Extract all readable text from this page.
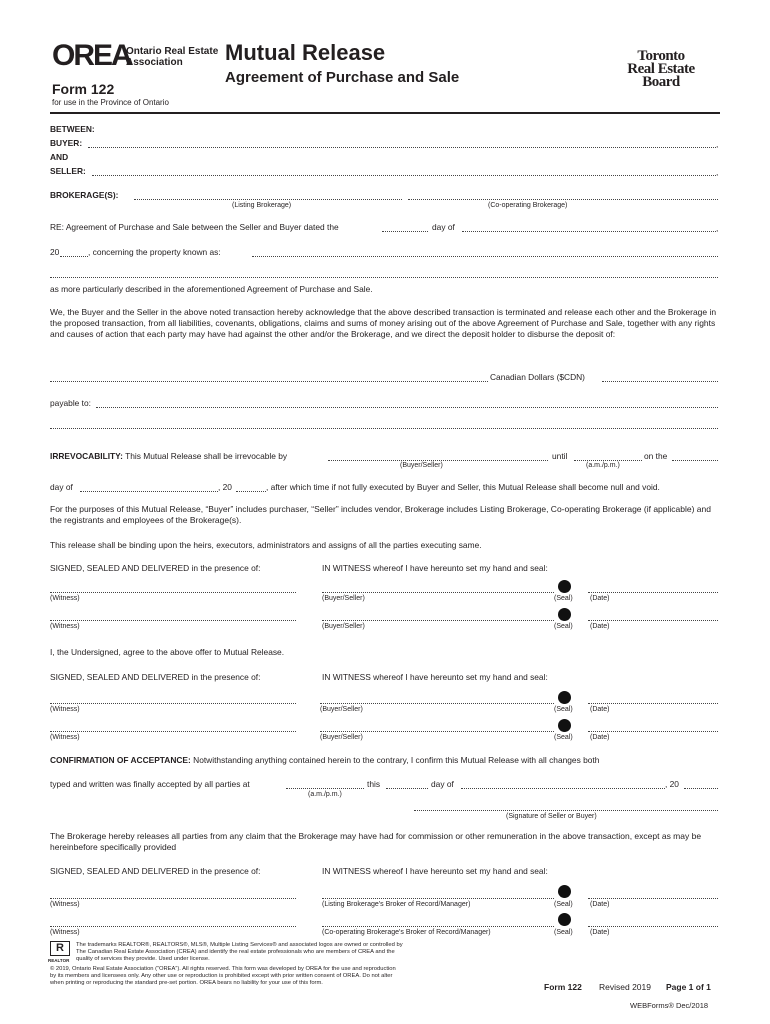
OREA
Ontario Real Estate
Association Mutual Release
Agreement of Purchase and Sale
Form 122
for use in the Province of Ontario
Toronto
Real Estate
Board
BETWEEN:
BUYER:	,
AND
SELLER:	,
BROKERAGE(S):
(Listing Brokerage)	(Co-operating Brokerage)
RE: Agreement of Purchase and Sale between the Seller and Buyer dated the	day of	,
20	, concerning the property known as:
as more particularly described in the aforementioned Agreement of Purchase and Sale.
We, the Buyer and the Seller in the above noted transaction hereby acknowledge that the above described transaction is terminated and release each other and the Brokerage in the proposed transaction, from all liabilities, covenants, obligations, claims and sums of money arising out of the above Agreement of Purchase and Sale, together with any rights and causes of action that each party may have had against the other and/or the Brokerage, and we direct the deposit holder to disburse the deposit of:
Canadian Dollars ($CDN)
payable to:
IRREVOCABILITY: This Mutual Release shall be irrevocable by	until	on the
(Buyer/Seller)	(a.m./p.m.)
day of	, 20	, after which time if not fully executed by Buyer and Seller, this Mutual Release shall become null and void.
For the purposes of this Mutual Release, “Buyer” includes purchaser, “Seller” includes vendor, Brokerage includes Listing Brokerage, Co-operating Brokerage (if applicable) and the registrants and employees of the Brokerage(s).
This release shall be binding upon the heirs, executors, administrators and assigns of all the parties executing same.
SIGNED, SEALED AND DELIVERED in the presence of:	IN WITNESS whereof I have hereunto set my hand and seal:
(Witness)	(Buyer/Seller)	(Seal) (Date)
(Witness)	(Buyer/Seller)	(Seal) (Date)
I, the Undersigned, agree to the above offer to Mutual Release.
SIGNED, SEALED AND DELIVERED in the presence of:	IN WITNESS whereof I have hereunto set my hand and seal:
(Witness)	(Buyer/Seller)	(Seal) (Date)
(Witness)	(Buyer/Seller)	(Seal) (Date)
CONFIRMATION OF ACCEPTANCE: Notwithstanding anything contained herein to the contrary, I confirm this Mutual Release with all changes both
typed and written was finally accepted by all parties at	this	day of	, 20
(a.m./p.m.)
(Signature of Seller or Buyer)
The Brokerage hereby releases all parties from any claim that the Brokerage may have had for commission or other remuneration in the above transaction, except as may be hereinbefore specifically provided
SIGNED, SEALED AND DELIVERED in the presence of:	IN WITNESS whereof I have hereunto set my hand and seal:
(Witness)	(Listing Brokerage's Broker of Record/Manager)	(Seal) (Date)
(Witness)	(Co-operating Brokerage's Broker of Record/Manager)	(Seal) (Date)
R
REALTOR
The trademarks REALTOR®, REALTORS®, MLS®, Multiple Listing Services® and associated logos are owned or controlled by
The Canadian Real Estate Association (CREA) and identify the real estate professionals who are members of CREA and the
quality of services they provide. Used under license.
© 2019, Ontario Real Estate Association (“OREA”). All rights reserved. This form was developed by OREA for the use and reproduction
by its members and licensees only. Any other use or reproduction is prohibited except with prior written consent of OREA. Do not alter
when printing or reproducing the standard pre-set portion. OREA bears no liability for your use of this form.	Form 122 Revised 2019 Page 1 of 1
WEBForms® Dec/2018
